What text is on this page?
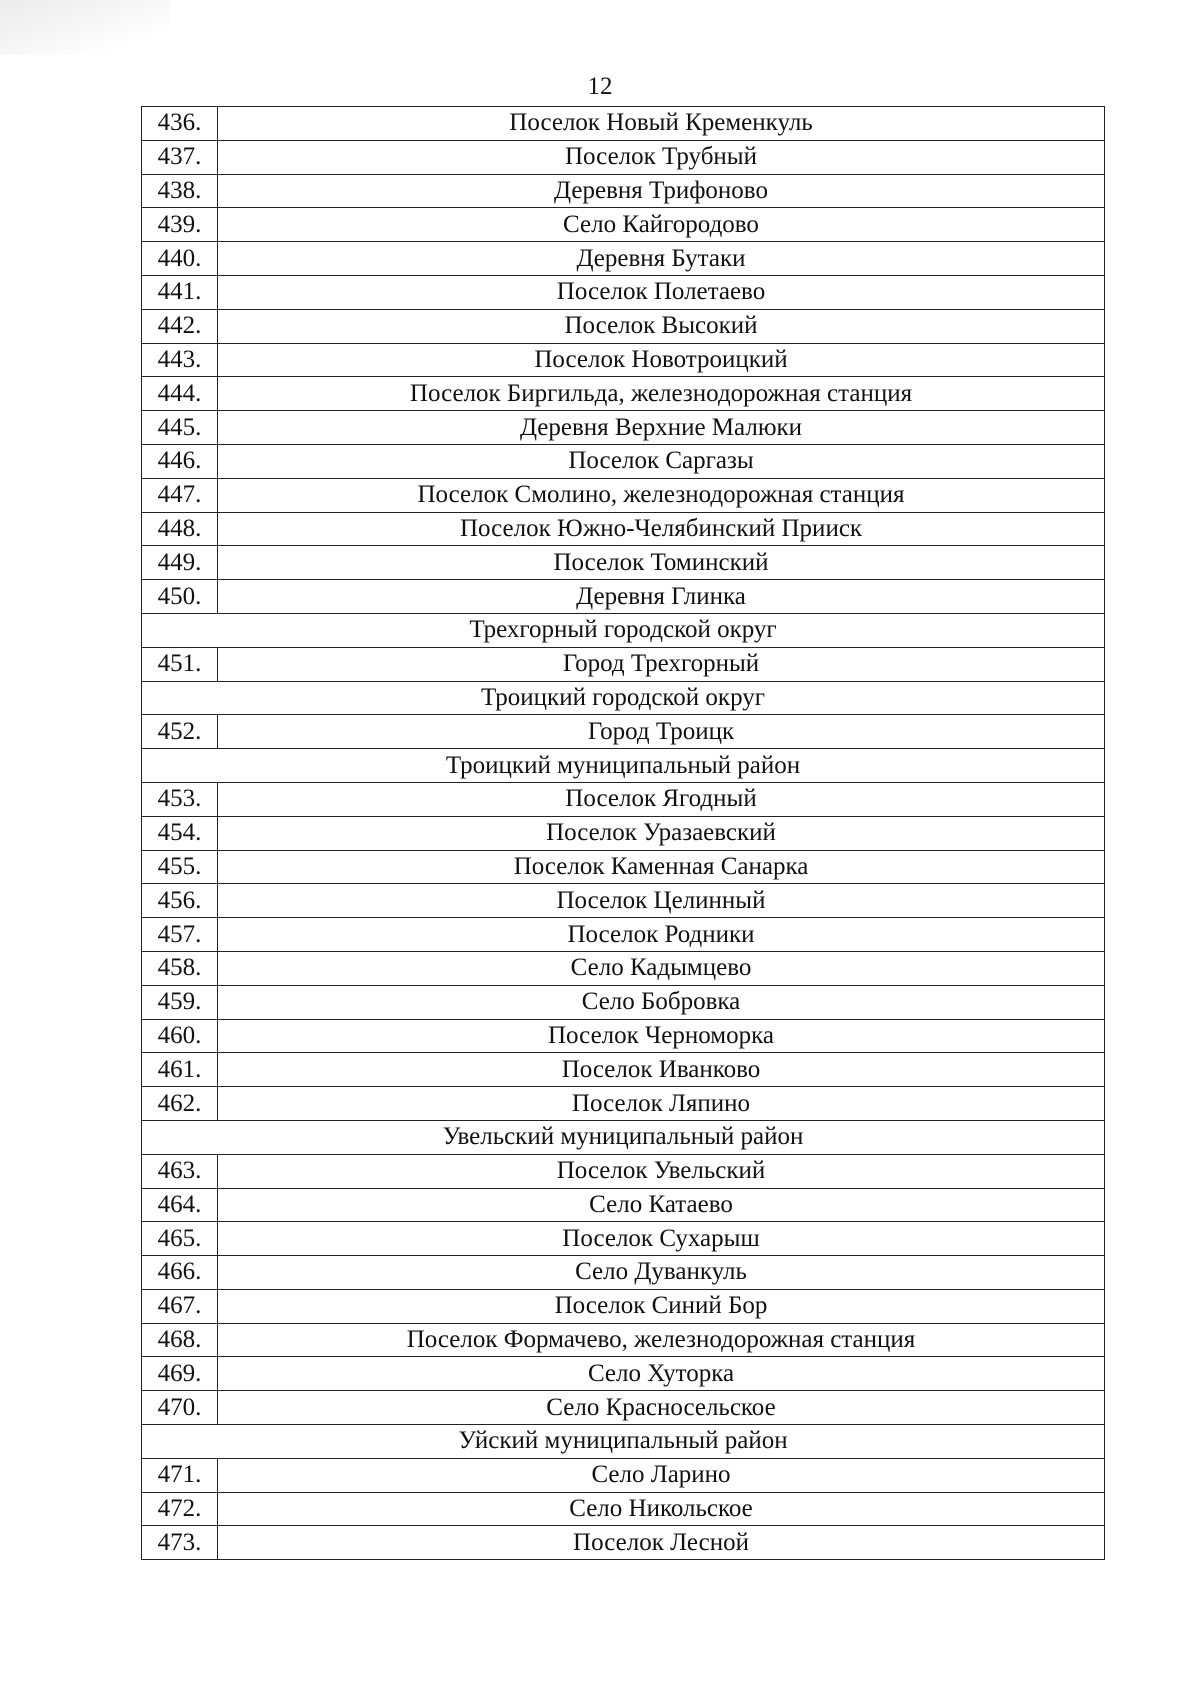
12
436.	Поселок Новый Кременкуль
437.	Поселок Трубный
438.	Деревня Трифоново
439.	Село Кайгородово
440.	Деревня Бутаки
441.	Поселок Полетаево
442.	Поселок Высокий
443.	Поселок Новотроицкий
444.	Поселок Биргильда, железнодорожная станция
445.	Деревня Верхние Малюки
446.	Поселок Саргазы
447.	Поселок Смолино, железнодорожная станция
448.	Поселок Южно-Челябинский Прииск
449.	Поселок Томинский
450.	Деревня Глинка
Трехгорный городской округ	
451.	Город Трехгорный
Троицкий городской округ	
452.	Город Троицк
Троицкий муниципальный район	
453.	Поселок Ягодный
454.	Поселок Уразаевский
455.	Поселок Каменная Санарка
456.	Поселок Целинный
457.	Поселок Родники
458.	Село Кадымцево
459.	Село Бобровка
460.	Поселок Черноморка
461.	Поселок Иванково
462.	Поселок Ляпино
Увельский муниципальный район	
463.	Поселок Увельский
464.	Село Катаево
465.	Поселок Сухарыш
466.	Село Дуванкуль
467.	Поселок Синий Бор
468.	Поселок Формачево, железнодорожная станция
469.	Село Хуторка
470.	Село Красносельское
Уйский муниципальный район	
471.	Село Ларино
472.	Село Никольское
473.	Поселок Лесной
